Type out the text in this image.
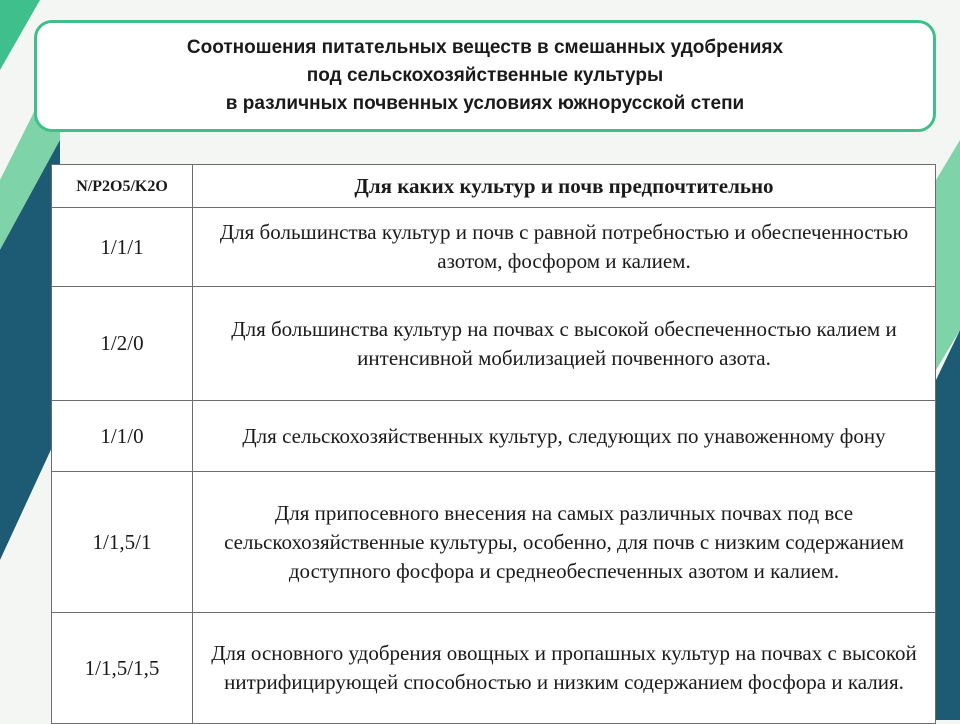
Соотношения питательных веществ в смешанных удобрениях
под сельскохозяйственные культуры
в различных почвенных условиях южнорусской степи
N/P2O5/K2O	Для каких культур и почв предпочтительно
1/1/1	Для большинства культур и почв с равной потребностью и обеспеченностью азотом, фосфором и калием.
1/2/0	Для большинства культур на почвах с высокой обеспеченностью калием и интенсивной мобилизацией почвенного азота.
1/1/0	Для сельскохозяйственных культур, следующих по унавоженному фону
1/1,5/1	Для припосевного внесения на самых различных почвах под все сельскохозяйственные культуры, особенно, для почв с низким содержанием доступного фосфора и среднеобеспеченных азотом и калием.
1/1,5/1,5	Для основного удобрения овощных и пропашных культур на почвах с высокой нитрифицирующей способностью и низким содержанием фосфора и калия.
